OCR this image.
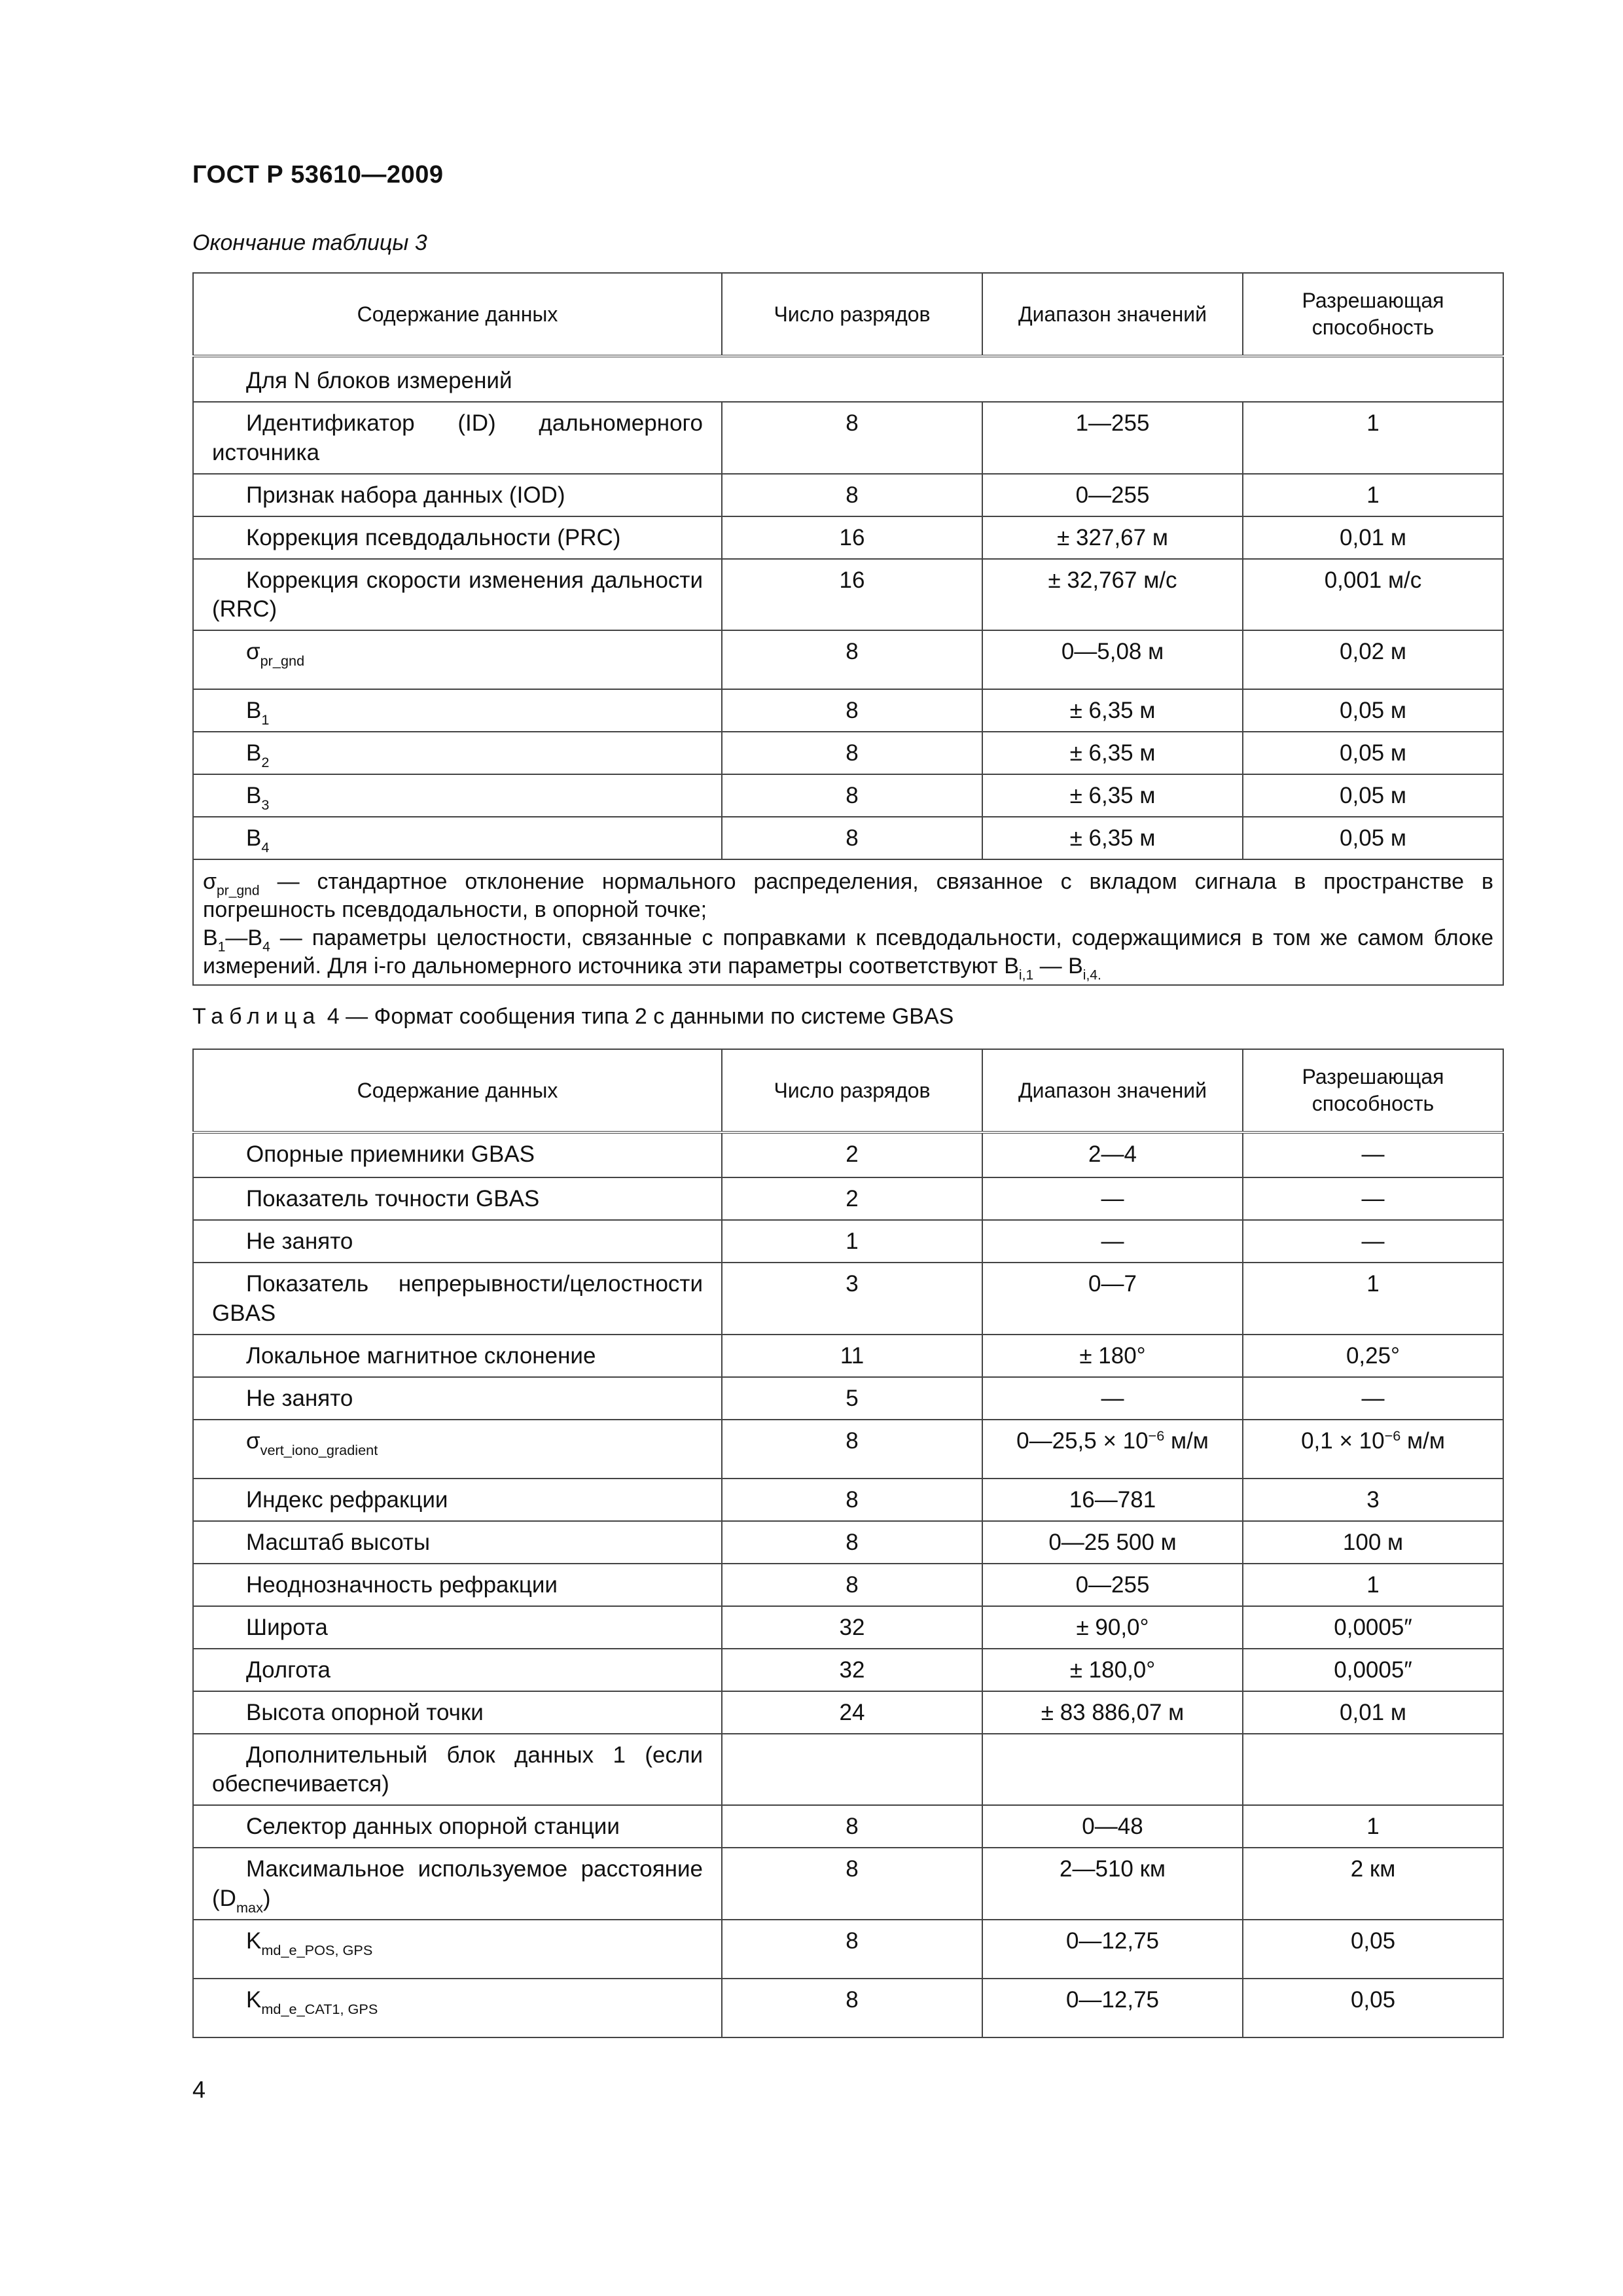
ГОСТ Р 53610—2009
Окончание таблицы 3
Содержание данных	Число разрядов	Диапазон значений	Разрешающая способность
Для N блоков измерений			
Идентификатор (ID) дальномерного источника	8	1—255	1
Признак набора данных (IOD)	8	0—255	1
Коррекция псевдодальности (PRC)	16	± 327,67 м	0,01 м
Коррекция скорости изменения дальности (RRC)	16	± 32,767 м/с	0,001 м/с
$\sigma_{pr\_gnd}$	8	0—5,08 м	0,02 м
$B_1$	8	± 6,35 м	0,05 м
$B_2$	8	± 6,35 м	0,05 м
$B_3$	8	± 6,35 м	0,05 м
$B_4$	8	± 6,35 м	0,05 м
$\sigma_{pr\_gnd}$ — стандартное отклонение нормального распределения, связанное с вкладом сигнала в пространстве в погрешность псевдодальности, в опорной точке;
$B_1—B_4$ — параметры целостности, связанные с поправками к псевдодальности, содержащимися в том же самом блоке измерений. Для i-го дальномерного источника эти параметры соответствуют $B_{i,1}$ — $B_{i,4.}$
Таблица 4 — Формат сообщения типа 2 с данными по системе GBAS
Содержание данных	Число разрядов	Диапазон значений	Разрешающая способность
Опорные приемники GBAS	2	2—4	—
Показатель точности GBAS	2	—	—
Не занято	1	—	—
Показатель непрерывности/целостности GBAS	3	0—7	1
Локальное магнитное склонение	11	± 180°	0,25°
Не занято	5	—	—
$\sigma_{vert\_iono\_gradient}$	8	0—25,5 × $10^{-6}$ м/м	$0,1 \times 10^{-6}$ м/м
Индекс рефракции	8	16—781	3
Масштаб высоты	8	0—25 500 м	100 м
Неоднозначность рефракции	8	0—255	1
Широта	32	± 90,0°	0,0005″
Долгота	32	± 180,0°	0,0005″
Высота опорной точки	24	± 83 886,07 м	0,01 м
Дополнительный блок данных 1 (если обеспечивается)			
Селектор данных опорной станции	8	0—48	1
Максимальное используемое расстояние $(D_{max})$	8	2—510 км	2 км
$K_{md\_e\_POS, GPS}$	8	0—12,75	0,05
$K_{md\_e\_CAT1, GPS}$	8	0—12,75	0,05
4
